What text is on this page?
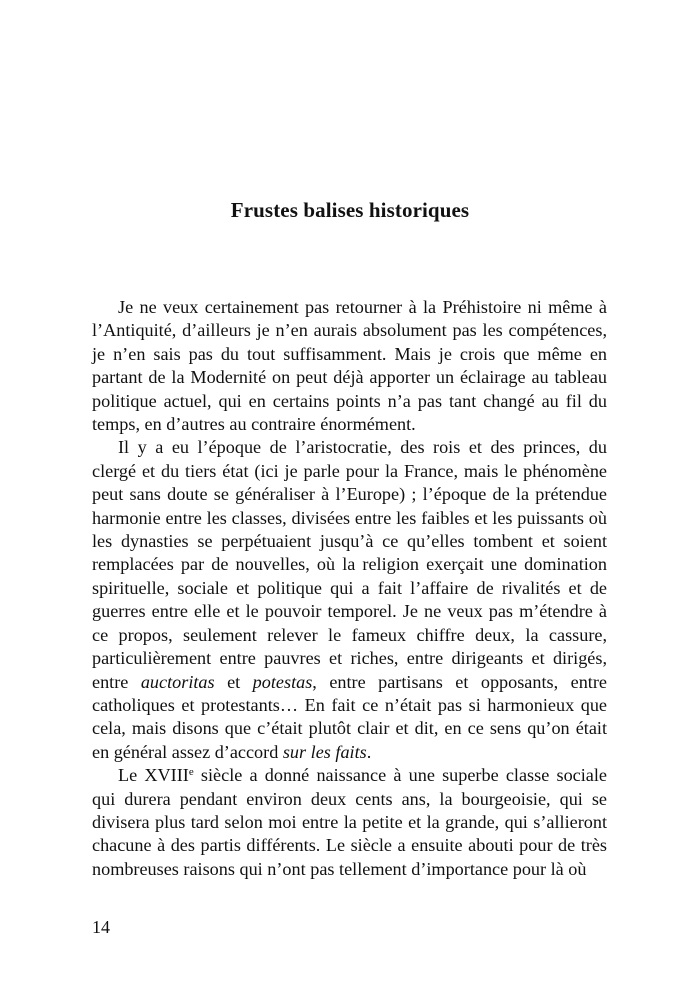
Frustes balises historiques

Je ne veux certainement pas retourner à la Préhistoire ni même à l’Antiquité, d’ailleurs je n’en aurais absolument pas les compétences, je n’en sais pas du tout suffisamment. Mais je crois que même en partant de la Modernité on peut déjà apporter un éclairage au tableau politique actuel, qui en certains points n’a pas tant changé au fil du temps, en d’autres au contraire énormément.

Il y a eu l’époque de l’aristocratie, des rois et des princes, du clergé et du tiers état (ici je parle pour la France, mais le phénomène peut sans doute se généraliser à l’Europe) ; l’époque de la prétendue harmonie entre les classes, divisées entre les faibles et les puissants où les dynasties se perpétuaient jusqu’à ce qu’elles tombent et soient remplacées par de nouvelles, où la religion exerçait une domination spirituelle, sociale et politique qui a fait l’affaire de rivalités et de guerres entre elle et le pouvoir temporel. Je ne veux pas m’étendre à ce propos, seulement relever le fameux chiffre deux, la cassure, particulièrement entre pauvres et riches, entre dirigeants et dirigés, entre auctoritas et potestas, entre partisans et opposants, entre catholiques et protestants… En fait ce n’était pas si harmonieux que cela, mais disons que c’était plutôt clair et dit, en ce sens qu’on était en général assez d’accord sur les faits.

Le XVIIIe siècle a donné naissance à une superbe classe sociale qui durera pendant environ deux cents ans, la bourgeoisie, qui se divisera plus tard selon moi entre la petite et la grande, qui s’allieront chacune à des partis différents. Le siècle a ensuite abouti pour de très nombreuses raisons qui n’ont pas tellement d’importance pour là où

14
